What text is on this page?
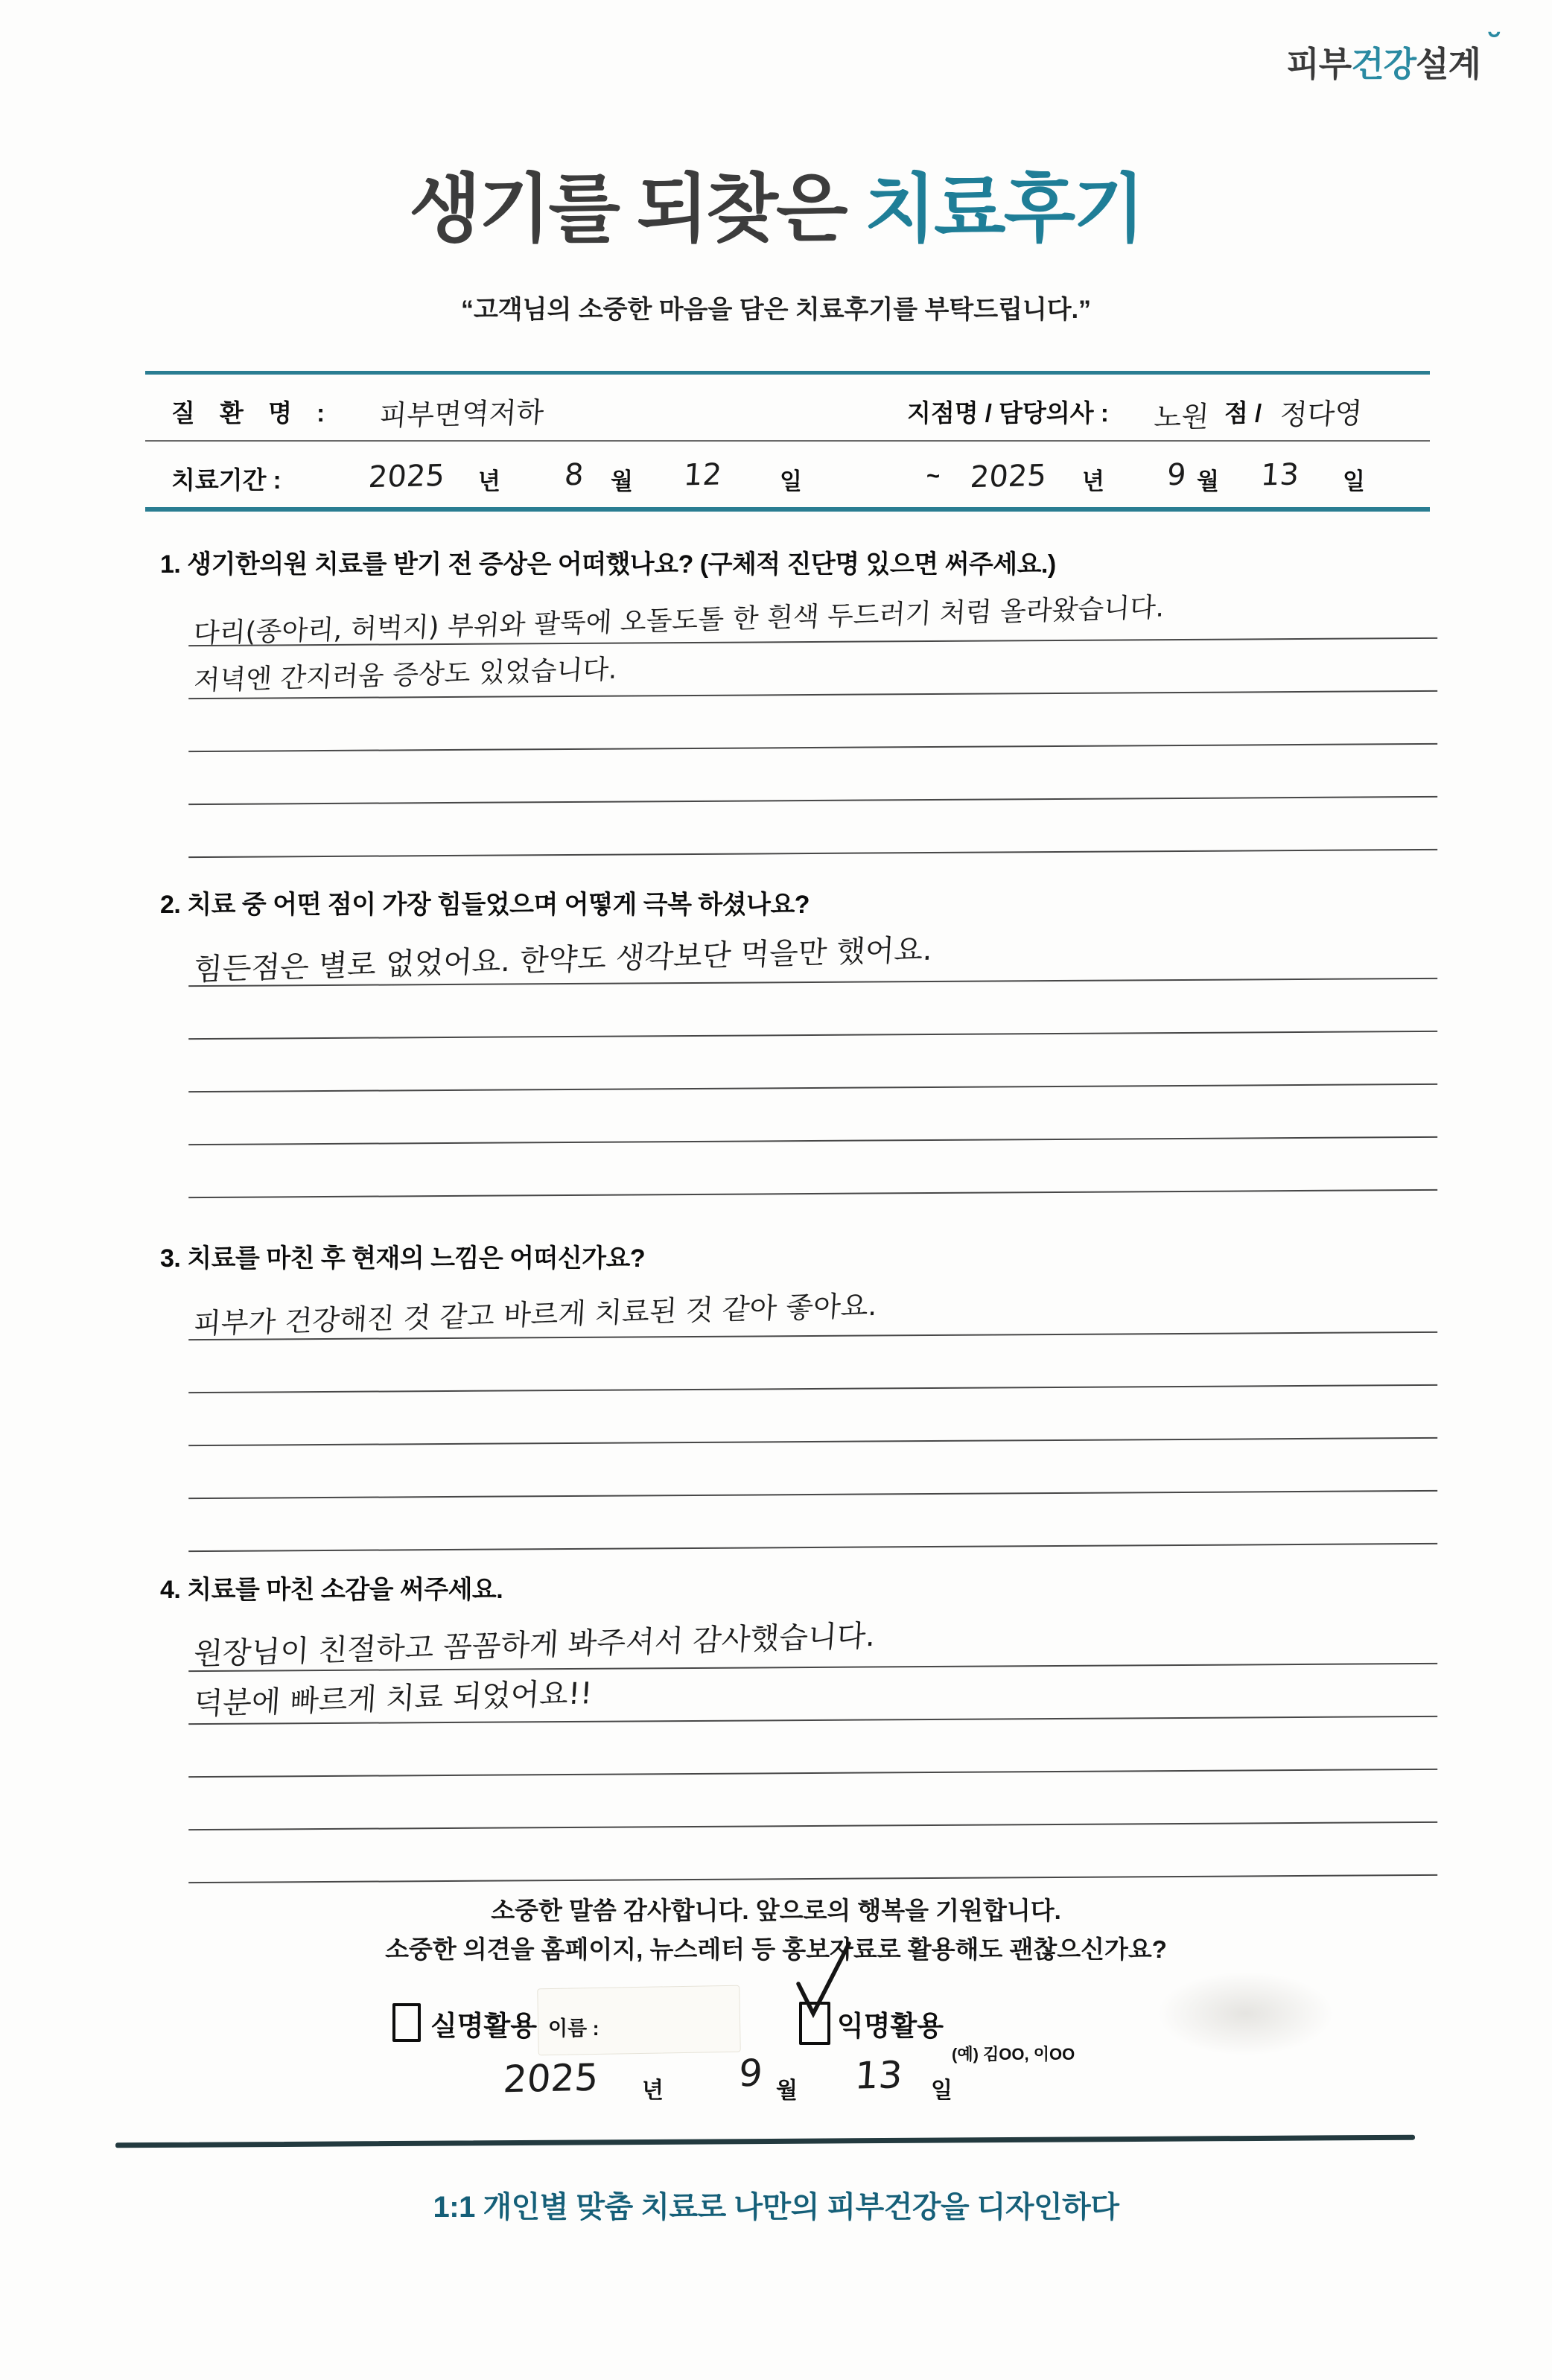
피부건강설계 ˘
생기를 되찾은 치료후기
“고객님의 소중한 마음을 담은 치료후기를 부탁드립니다.”
질 환 명 : 피부면역저하	지점명 / 담당의사 : 노원 점 / 정다영
치료기간 :	2025 년 8 월 12 일	~ 2025 년 9 월 13 일
1. 생기한의원 치료를 받기 전 증상은 어떠했나요? (구체적 진단명 있으면 써주세요.)
다리(종아리, 허벅지) 부위와 팔뚝에 오돌도톨 한 흰색 두드러기 처럼 올라왔습니다.
저녁엔 간지러움 증상도 있었습니다.
2. 치료 중 어떤 점이 가장 힘들었으며 어떻게 극복 하셨나요?
힘든점은 별로 없었어요. 한약도 생각보단 먹을만 했어요.
3. 치료를 마친 후 현재의 느낌은 어떠신가요?
피부가 건강해진 것 같고 바르게 치료된 것 같아 좋아요.
4. 치료를 마친 소감을 써주세요.
원장님이 친절하고 꼼꼼하게 봐주셔서 감사했습니다.
덕분에 빠르게 치료 되었어요!!
소중한 말씀 감사합니다. 앞으로의 행복을 기원합니다.
소중한 의견을 홈페이지, 뉴스레터 등 홍보자료로 활용해도 괜찮으신가요?
실명활용 이름 :	익명활용
(예) 김OO, 이OO
2025 년 9 월 13 일
1:1 개인별 맞춤 치료로 나만의 피부건강을 디자인하다
